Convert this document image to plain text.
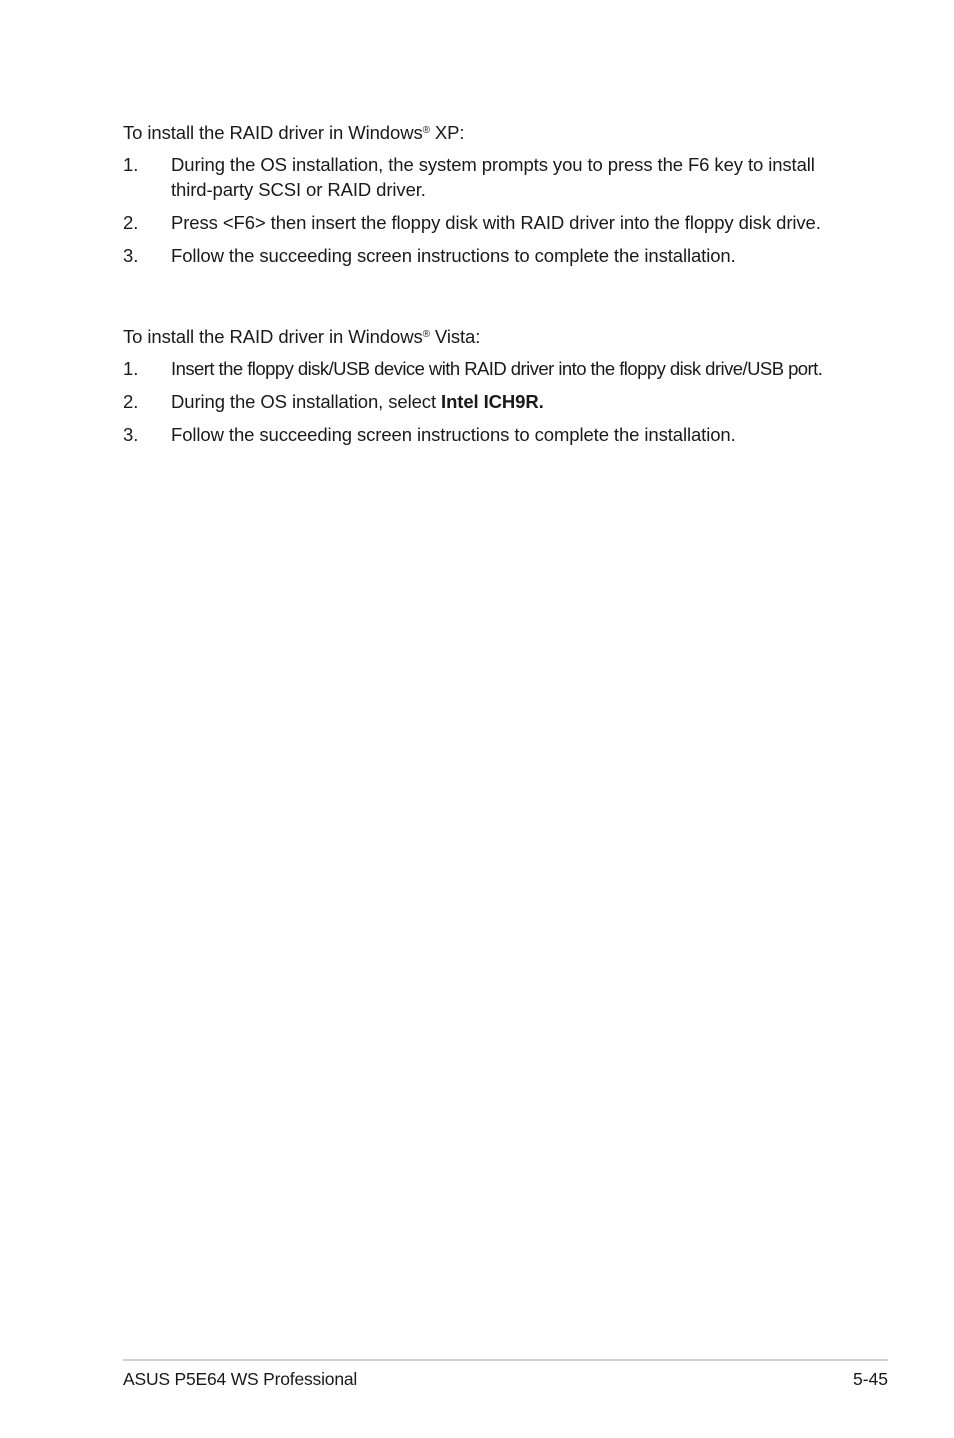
To install the RAID driver in Windows® XP:

1. During the OS installation, the system prompts you to press the F6 key to install third-party SCSI or RAID driver.
2. Press <F6> then insert the floppy disk with RAID driver into the floppy disk drive.
3. Follow the succeeding screen instructions to complete the installation.

To install the RAID driver in Windows® Vista:

1. Insert the floppy disk/USB device with RAID driver into the floppy disk drive/USB port.
2. During the OS installation, select Intel ICH9R.
3. Follow the succeeding screen instructions to complete the installation.
ASUS P5E64 WS Professional	5-45
